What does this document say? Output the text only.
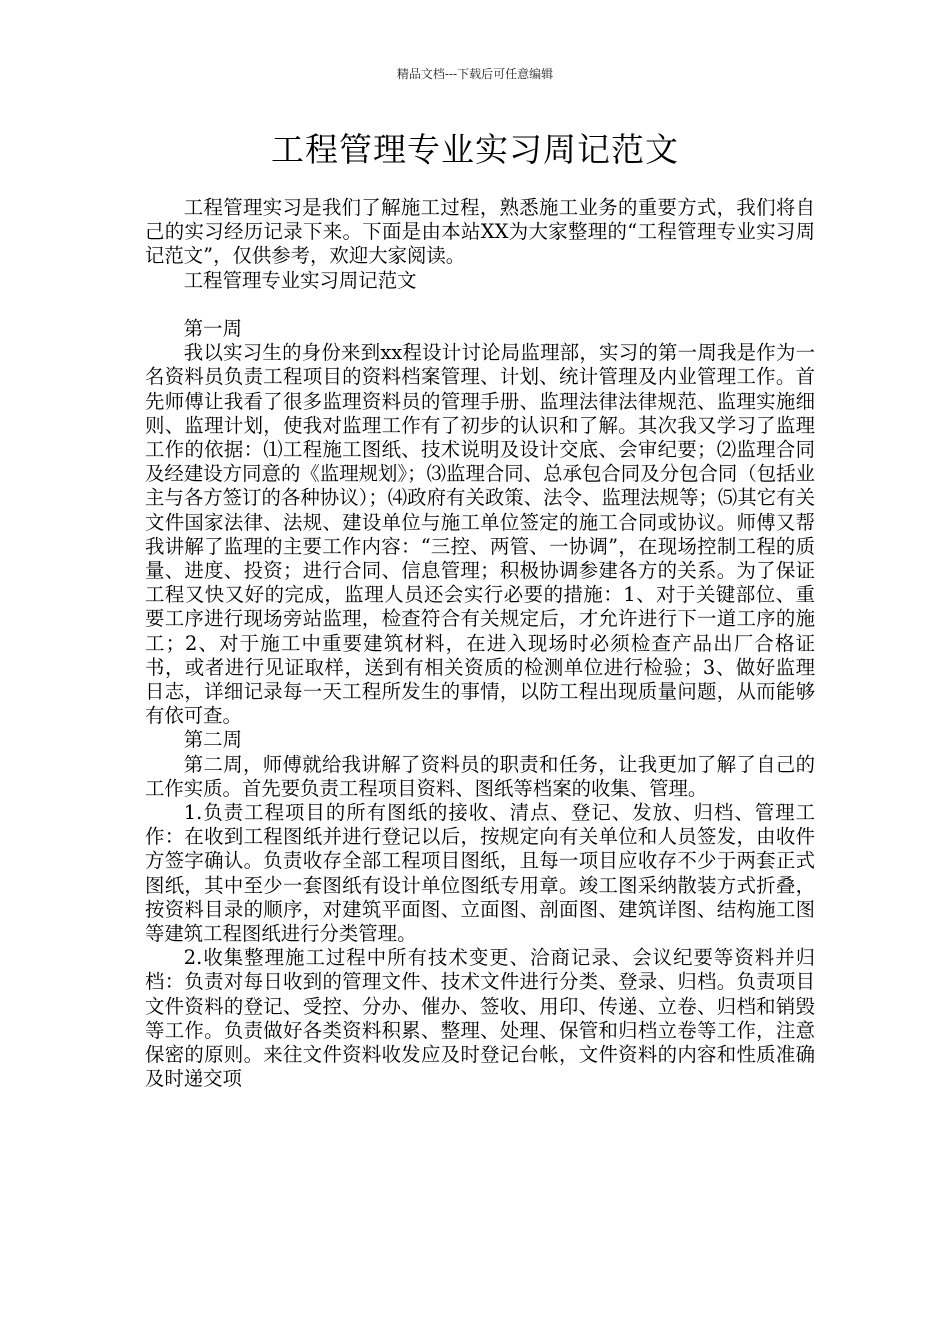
精品文档---下载后可任意编辑
工程管理专业实习周记范文

工程管理实习是我们了解施工过程，熟悉施工业务的重要方式，我们将自己的实习经历记录下来。下面是由本站XX为大家整理的“工程管理专业实习周记范文”，仅供参考，欢迎大家阅读。

工程管理专业实习周记范文

第一周

我以实习生的身份来到xx程设计讨论局监理部，实习的第一周我是作为一名资料员负责工程项目的资料档案管理、计划、统计管理及内业管理工作。首先师傅让我看了很多监理资料员的管理手册、监理法律法律规范、监理实施细则、监理计划，使我对监理工作有了初步的认识和了解。其次我又学习了监理工作的依据：⑴工程施工图纸、技术说明及设计交底、会审纪要；⑵监理合同及经建设方同意的《监理规划》；⑶监理合同、总承包合同及分包合同（包括业主与各方签订的各种协议）；⑷政府有关政策、法令、监理法规等；⑸其它有关文件国家法律、法规、建设单位与施工单位签定的施工合同或协议。师傅又帮我讲解了监理的主要工作内容：“三控、两管、一协调”，在现场控制工程的质量、进度、投资；进行合同、信息管理；积极协调参建各方的关系。为了保证工程又快又好的完成，监理人员还会实行必要的措施：1、对于关键部位、重要工序进行现场旁站监理，检查符合有关规定后，才允许进行下一道工序的施工；2、对于施工中重要建筑材料，在进入现场时必须检查产品出厂合格证书，或者进行见证取样，送到有相关资质的检测单位进行检验；3、做好监理日志，详细记录每一天工程所发生的事情，以防工程出现质量问题，从而能够有依可查。

第二周

第二周，师傅就给我讲解了资料员的职责和任务，让我更加了解了自己的工作实质。首先要负责工程项目资料、图纸等档案的收集、管理。

1.负责工程项目的所有图纸的接收、清点、登记、发放、归档、管理工作：在收到工程图纸并进行登记以后，按规定向有关单位和人员签发，由收件方签字确认。负责收存全部工程项目图纸，且每一项目应收存不少于两套正式图纸，其中至少一套图纸有设计单位图纸专用章。竣工图采纳散装方式折叠，按资料目录的顺序，对建筑平面图、立面图、剖面图、建筑详图、结构施工图等建筑工程图纸进行分类管理。

2.收集整理施工过程中所有技术变更、洽商记录、会议纪要等资料并归档：负责对每日收到的管理文件、技术文件进行分类、登录、归档。负责项目文件资料的登记、受控、分办、催办、签收、用印、传递、立卷、归档和销毁等工作。负责做好各类资料积累、整理、处理、保管和归档立卷等工作，注意保密的原则。来往文件资料收发应及时登记台帐，文件资料的内容和性质准确及时递交项
